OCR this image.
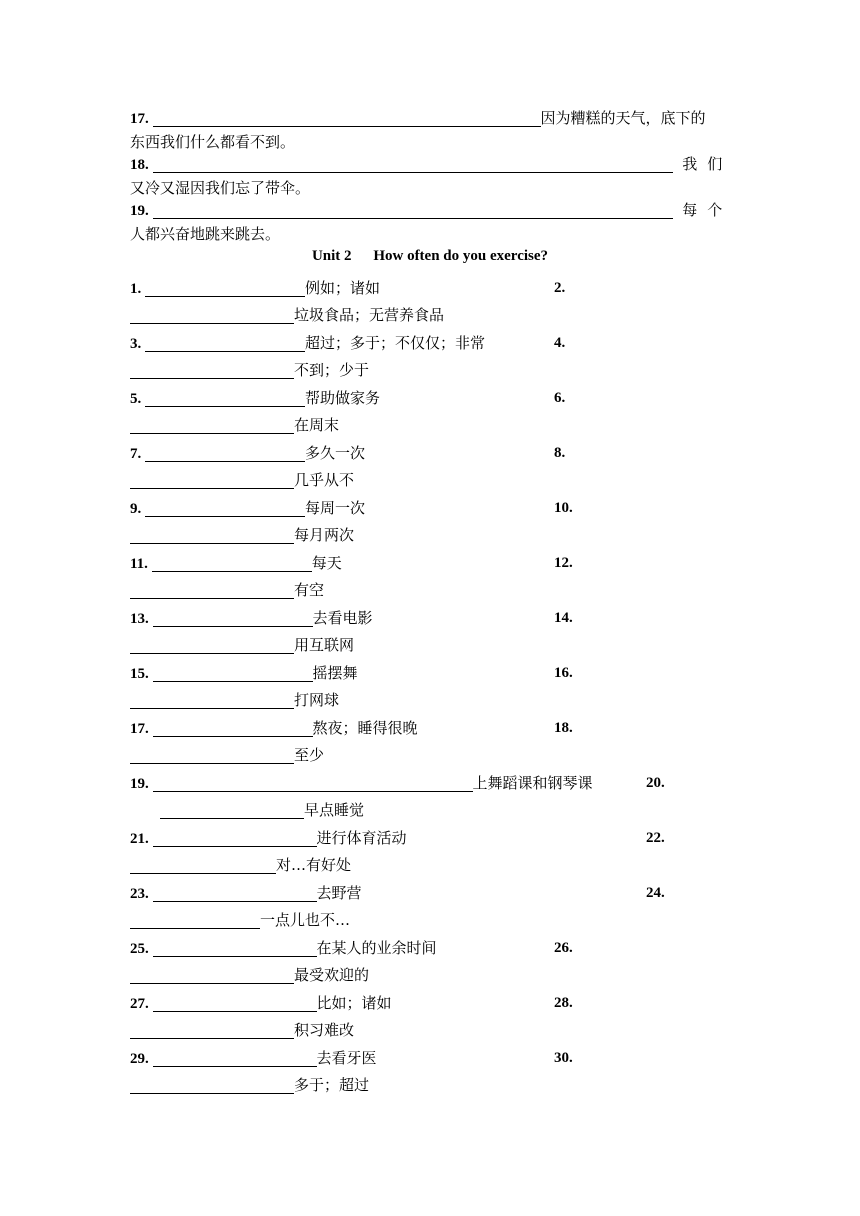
17.	因为糟糕的天气，底下的
东西我们什么都看不到。
18.	我们
又冷又湿因我们忘了带伞。
19.	每个
人都兴奋地跳来跳去。
Unit 2 How often do you exercise?
1.	例如；诸如	2.
垃圾食品；无营养食品
3.	超过；多于；不仅仅；非常	4.
不到；少于
5.	帮助做家务	6.
在周末
7.	多久一次	8.
几乎从不
9.	每周一次	10.
每月两次
11.	每天	12.
有空
13.	去看电影	14.
用互联网
15.	摇摆舞	16.
打网球
17.	熬夜；睡得很晚	18.
至少
19.	上舞蹈课和钢琴课	20.
早点睡觉
21.	进行体育活动	22.
对…有好处
23.	去野营	24.
一点儿也不…
25.	在某人的业余时间	26.
最受欢迎的
27.	比如；诸如	28.
积习难改
29.	去看牙医	30.
多于；超过
